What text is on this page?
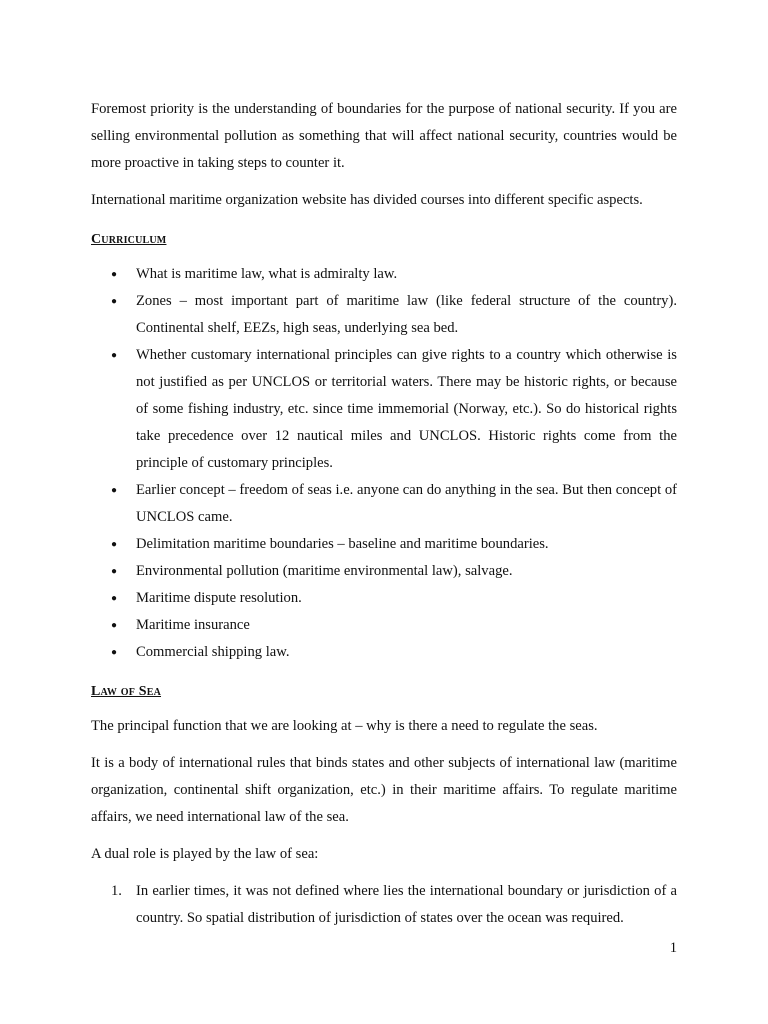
Foremost priority is the understanding of boundaries for the purpose of national security. If you are selling environmental pollution as something that will affect national security, countries would be more proactive in taking steps to counter it.

International maritime organization website has divided courses into different specific aspects.

Curriculum
● What is maritime law, what is admiralty law.
● Zones – most important part of maritime law (like federal structure of the country). Continental shelf, EEZs, high seas, underlying sea bed.
● Whether customary international principles can give rights to a country which otherwise is not justified as per UNCLOS or territorial waters. There may be historic rights, or because of some fishing industry, etc. since time immemorial (Norway, etc.). So do historical rights take precedence over 12 nautical miles and UNCLOS. Historic rights come from the principle of customary principles.
● Earlier concept – freedom of seas i.e. anyone can do anything in the sea. But then concept of UNCLOS came.
● Delimitation maritime boundaries – baseline and maritime boundaries.
● Environmental pollution (maritime environmental law), salvage.
● Maritime dispute resolution.
● Maritime insurance
● Commercial shipping law.
Law of Sea

The principal function that we are looking at – why is there a need to regulate the seas.

It is a body of international rules that binds states and other subjects of international law (maritime organization, continental shift organization, etc.) in their maritime affairs. To regulate maritime affairs, we need international law of the sea.

A dual role is played by the law of sea:

1. In earlier times, it was not defined where lies the international boundary or jurisdiction of a country. So spatial distribution of jurisdiction of states over the ocean was required.
1
